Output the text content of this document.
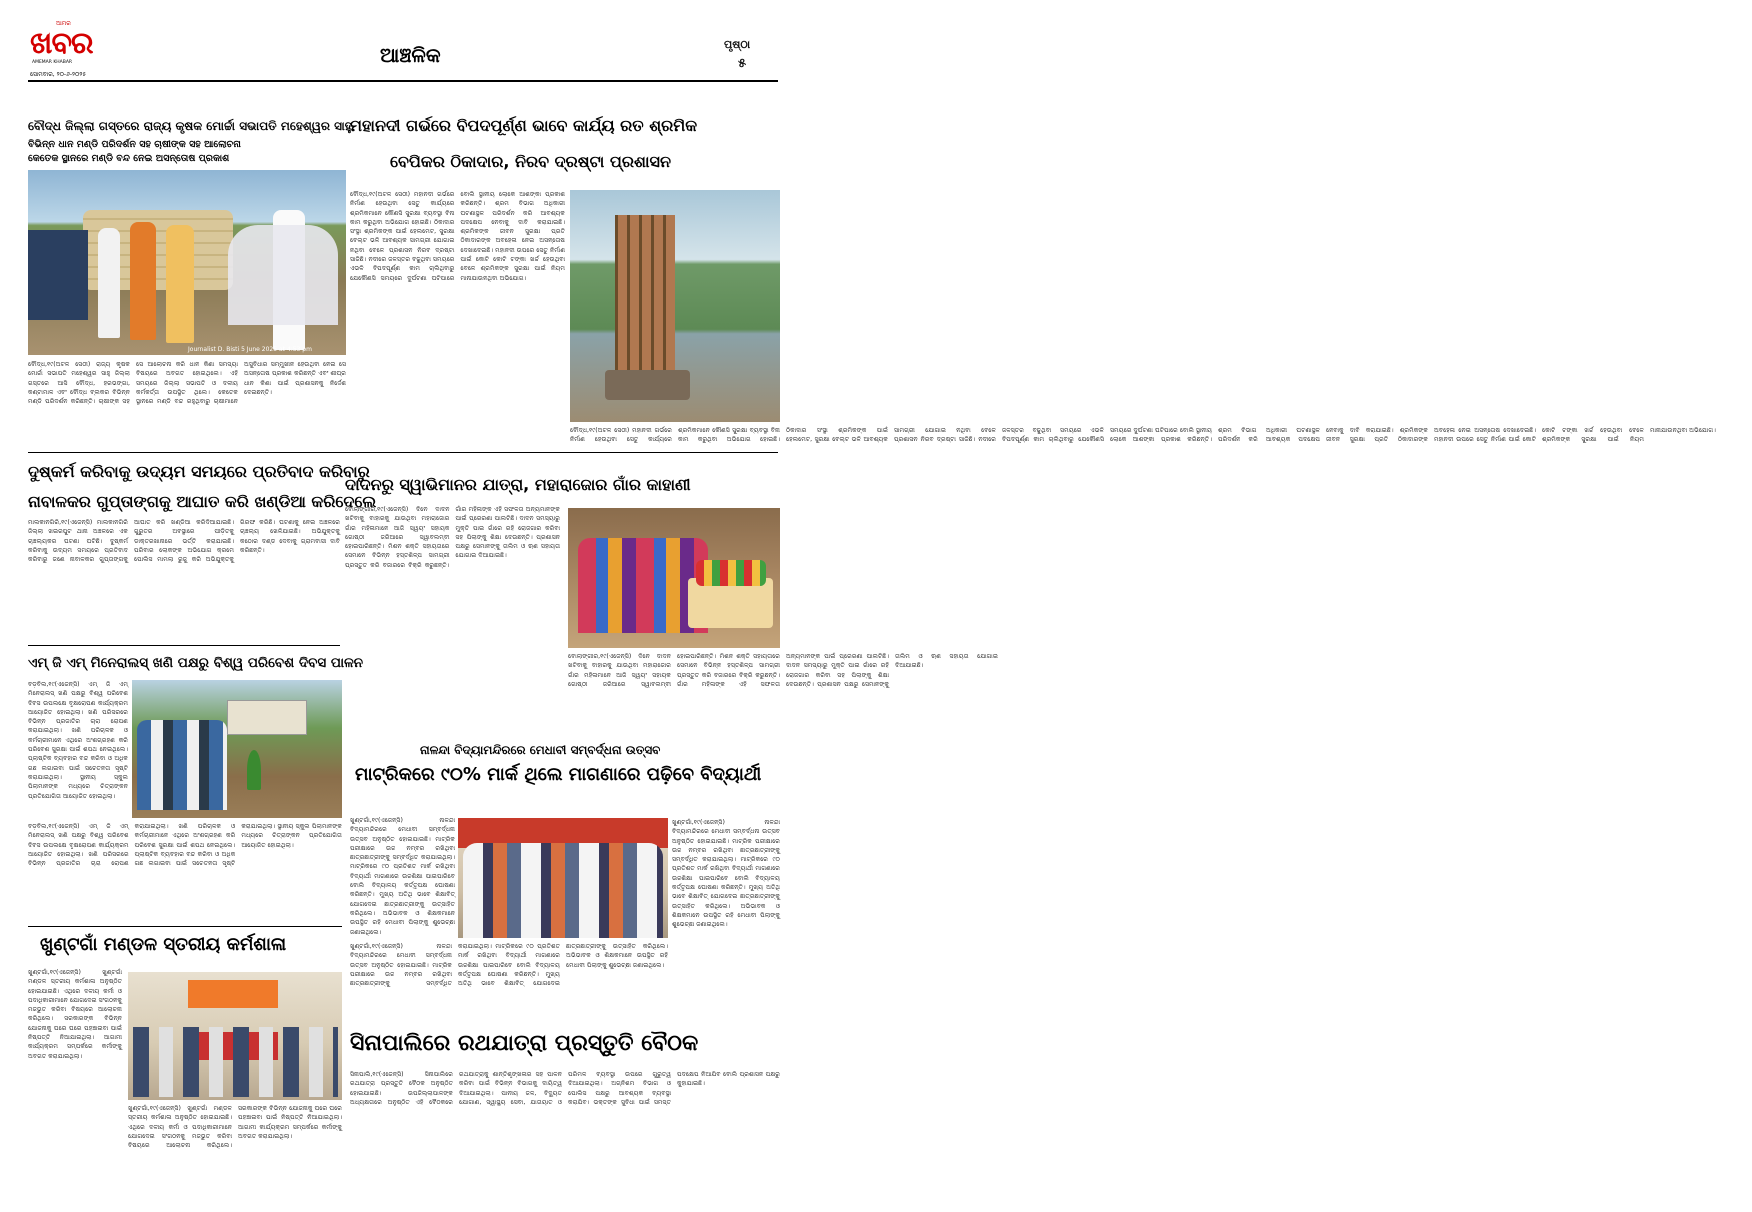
ଆମର
ଖବର
AMEMAR KHABAR
ସୋମବାର, ୨୦-୬-୨୦୨୫
ଆଞ୍ଚଳିକ	ପୃଷ୍ଠା
୫
ବୌଦ୍ଧ ଜିଲ୍ଲା ଗସ୍ତରେ ରାଜ୍ୟ କୃଷକ ମୋର୍ଚ୍ଚା ସଭାପତି ମହେଶ୍ୱର ସାହୁ
ବିଭିନ୍ନ ଧାନ ମଣ୍ଡି ପରିଦର୍ଶନ ସହ ଚାଷୀଙ୍କ ସହ ଆଲୋଚନା
କେତେକ ସ୍ଥାନରେ ମଣ୍ଡି ବନ୍ଦ ନେଇ ଅସନ୍ତୋଷ ପ୍ରକାଶ
Journalist D. Bisti 5 June 2025 at 4:53 pm
ବୌଦ୍ଧ,୧୯(ଅଟଳ ସେଠୀ) ରାଜ୍ୟ କୃଷକ ମୋର୍ଚ୍ଚା ସଭାପତି ମହେଶ୍ୱର ସାହୁ ଜିଲ୍ଲା ଗସ୍ତରେ ଆସି ବୌଦ୍ଧ, ହରଭଙ୍ଗା, କଣ୍ଟାମାଳ ଏବଂ ବୌଦ୍ଧ ବ୍ଲକର ବିଭିନ୍ନ ମଣ୍ଡି ପରିଦର୍ଶନ କରିଛନ୍ତି। ଚାଷୀଙ୍କ ସହ ସେ ଆଲୋଚନା କରି ଧାନ କିଣା ସମସ୍ୟା ବିଷୟରେ ଅବଗତ ହୋଇଥିଲେ। ଏହି ସମୟରେ ଜିଲ୍ଲା ସଭାପତି ଓ ଦଳୀୟ କର୍ମକର୍ତ୍ତା ଉପସ୍ଥିତ ଥିଲେ। କେତେକ ସ୍ଥାନରେ ମଣ୍ଡି ବନ୍ଦ ରହୁଥିବାରୁ ଚାଷୀମାନେ ଅସୁବିଧାର ସମ୍ମୁଖୀନ ହେଉଥିବା ନେଇ ସେ ଅସନ୍ତୋଷ ପ୍ରକାଶ କରିଛନ୍ତି ଏବଂ ଶୀଘ୍ର ଧାନ କିଣା ପାଇଁ ପ୍ରଶାସନକୁ ନିର୍ଦ୍ଦେଶ ଦେଇଛନ୍ତି।
ମହାନଦୀ ଗର୍ଭରେ ବିପଦପୂର୍ଣ୍ଣ ଭାବେ କାର୍ଯ୍ୟ ରତ ଶ୍ରମିକ
ବେପିକର ଠିକାଦାର, ନିରବ ଦ୍ରଷ୍ଟା ପ୍ରଶାସନ
ବୌଦ୍ଧ,୧୯(ଅଟଳ ସେଠୀ) ମହାନଦୀ ଗର୍ଭରେ ନିର୍ମାଣ ହେଉଥିବା ସେତୁ କାର୍ଯ୍ୟରେ ଶ୍ରମିକମାନେ କୌଣସି ସୁରକ୍ଷା ବ୍ୟବସ୍ଥା ବିନା କାମ କରୁଥିବା ଅଭିଯୋଗ ହୋଇଛି। ଠିକାଦାର ସଂସ୍ଥା ଶ୍ରମିକଙ୍କ ପାଇଁ ହେଲମେଟ, ସୁରକ୍ଷା ବେଲ୍ଟ ଭଳି ଆବଶ୍ୟକ ସାମଗ୍ରୀ ଯୋଗାଇ ନଥିବା ବେଳେ ପ୍ରଶାସନ ନିରବ ଦ୍ରଷ୍ଟା ସାଜିଛି। ନଦୀରେ ଜଳସ୍ତର ବଢୁଥିବା ସମୟରେ ଏଭଳି ବିପଦପୂର୍ଣ୍ଣ କାମ ଚାଲିଥିବାରୁ ଯେକୌଣସି ସମୟରେ ଦୁର୍ଘଟଣା ଘଟିପାରେ ବୋଲି ସ୍ଥାନୀୟ ଲୋକେ ଆଶଙ୍କା ପ୍ରକାଶ କରିଛନ୍ତି। ଶ୍ରମ ବିଭାଗ ଅଧିକାରୀ ଘଟଣାସ୍ଥଳ ପରିଦର୍ଶନ କରି ଆବଶ୍ୟକ ପଦକ୍ଷେପ ନେବାକୁ ଦାବି କରାଯାଇଛି। ଶ୍ରମିକଙ୍କ ଜୀବନ ସୁରକ୍ଷା ପ୍ରତି ଠିକାଦାରଙ୍କ ଅବହେଳା ନେଇ ଅସନ୍ତୋଷ ଦେଖାଦେଇଛି। ମହାନଦୀ ଉପରେ ସେତୁ ନିର୍ମାଣ ପାଇଁ କୋଟି କୋଟି ଟଙ୍କା ଖର୍ଚ୍ଚ ହେଉଥିବା ବେଳେ ଶ୍ରମିକଙ୍କ ସୁରକ୍ଷା ପାଇଁ ନିୟମ ମାନାଯାଉନଥିବା ଅଭିଯୋଗ।
ବୌଦ୍ଧ,୧୯(ଅଟଳ ସେଠୀ) ମହାନଦୀ ଗର୍ଭରେ ନିର୍ମାଣ ହେଉଥିବା ସେତୁ କାର୍ଯ୍ୟରେ ଶ୍ରମିକମାନେ କୌଣସି ସୁରକ୍ଷା ବ୍ୟବସ୍ଥା ବିନା କାମ କରୁଥିବା ଅଭିଯୋଗ ହୋଇଛି। ଠିକାଦାର ସଂସ୍ଥା ଶ୍ରମିକଙ୍କ ପାଇଁ ହେଲମେଟ, ସୁରକ୍ଷା ବେଲ୍ଟ ଭଳି ଆବଶ୍ୟକ ସାମଗ୍ରୀ ଯୋଗାଇ ନଥିବା ବେଳେ ପ୍ରଶାସନ ନିରବ ଦ୍ରଷ୍ଟା ସାଜିଛି। ନଦୀରେ ଜଳସ୍ତର ବଢୁଥିବା ସମୟରେ ଏଭଳି ବିପଦପୂର୍ଣ୍ଣ କାମ ଚାଲିଥିବାରୁ ଯେକୌଣସି ସମୟରେ ଦୁର୍ଘଟଣା ଘଟିପାରେ ବୋଲି ସ୍ଥାନୀୟ ଲୋକେ ଆଶଙ୍କା ପ୍ରକାଶ କରିଛନ୍ତି। ଶ୍ରମ ବିଭାଗ ଅଧିକାରୀ ଘଟଣାସ୍ଥଳ ପରିଦର୍ଶନ କରି ଆବଶ୍ୟକ ପଦକ୍ଷେପ ନେବାକୁ ଦାବି କରାଯାଇଛି। ଶ୍ରମିକଙ୍କ ଜୀବନ ସୁରକ୍ଷା ପ୍ରତି ଠିକାଦାରଙ୍କ ଅବହେଳା ନେଇ ଅସନ୍ତୋଷ ଦେଖାଦେଇଛି। ମହାନଦୀ ଉପରେ ସେତୁ ନିର୍ମାଣ ପାଇଁ କୋଟି କୋଟି ଟଙ୍କା ଖର୍ଚ୍ଚ ହେଉଥିବା ବେଳେ ଶ୍ରମିକଙ୍କ ସୁରକ୍ଷା ପାଇଁ ନିୟମ ମାନାଯାଉନଥିବା ଅଭିଯୋଗ।
ଦୁଷ୍କର୍ମ କରିବାକୁ ଉଦ୍ୟମ ସମୟରେ ପ୍ରତିବାଦ କରିବାରୁ
ନାବାଳକର ଗୁପ୍ତାଙ୍ଗକୁ ଆଘାତ କରି ଖଣ୍ଡିଆ କରିଦେଲେ
ମାଲକାନଗିରି,୧୯(ଏଜେନ୍ସି) ମାଲକାନଗିରି ଜିଲ୍ଲା ଖଇରପୁଟ ଥାନା ଅଞ୍ଚଳରେ ଏକ ଚାଞ୍ଚଲ୍ୟକର ଘଟଣା ଘଟିଛି। ଦୁଷ୍କର୍ମ କରିବାକୁ ଉଦ୍ୟମ ସମୟରେ ପ୍ରତିବାଦ କରିବାରୁ ଜଣେ ନାବାଳକର ଗୁପ୍ତାଙ୍ଗକୁ ଆଘାତ କରି ଖଣ୍ଡିଆ କରିଦିଆଯାଇଛି। ଗୁରୁତର ଅବସ୍ଥାରେ ପୀଡ଼ିତକୁ ଡାକ୍ତରଖାନାରେ ଭର୍ତ୍ତି କରାଯାଇଛି। ପରିବାର ଲୋକଙ୍କ ଅଭିଯୋଗ କ୍ରମେ ପୋଲିସ ମାମଲା ରୁଜୁ କରି ଅଭିଯୁକ୍ତକୁ ଗିରଫ କରିଛି। ଘଟଣାକୁ ନେଇ ଅଞ୍ଚଳରେ ଚାଞ୍ଚଲ୍ୟ ଖେଳିଯାଇଛି। ଅଭିଯୁକ୍ତକୁ କଠୋର ଦଣ୍ଡ ଦେବାକୁ ଗ୍ରାମବାସୀ ଦାବି କରିଛନ୍ତି।
ଦାଦନରୁ ସ୍ୱାଭିମାନର ଯାତ୍ରା, ମହାରାଜୋର ଗାଁର କାହାଣୀ
ବୋଲାଙ୍ଗୀର,୧୯(ଏଜେନ୍ସି) ଦିନେ ଦାଦନ ଖଟିବାକୁ ବାହାରକୁ ଯାଉଥିବା ମହାରାଜୋର ଗାଁର ମହିଳାମାନେ ଆଜି ସ୍ୱୟଂ ସହାୟକ ଗୋଷ୍ଠୀ ଜରିଆରେ ସ୍ୱାବଲମ୍ବୀ ହୋଇପାରିଛନ୍ତି। ମିଶନ ଶକ୍ତି ସହାୟତାରେ ସେମାନେ ବିଭିନ୍ନ ହସ୍ତଶିଳ୍ପ ସାମଗ୍ରୀ ପ୍ରସ୍ତୁତ କରି ବଜାରରେ ବିକ୍ରି କରୁଛନ୍ତି। ଗାଁର ମହିଳାଙ୍କ ଏହି ସଫଳତା ଅନ୍ୟମାନଙ୍କ ପାଇଁ ପ୍ରେରଣା ପାଲଟିଛି। ଦାଦନ ସମସ୍ୟାରୁ ମୁକ୍ତି ପାଇ ଗାଁରେ ରହି ରୋଜଗାର କରିବା ସହ ପିଲାଙ୍କୁ ଶିକ୍ଷା ଦେଉଛନ୍ତି। ପ୍ରଶାସନ ପକ୍ଷରୁ ସେମାନଙ୍କୁ ତାଲିମ ଓ ଋଣ ସହାୟତା ଯୋଗାଇ ଦିଆଯାଇଛି।
ବୋଲାଙ୍ଗୀର,୧୯(ଏଜେନ୍ସି) ଦିନେ ଦାଦନ ଖଟିବାକୁ ବାହାରକୁ ଯାଉଥିବା ମହାରାଜୋର ଗାଁର ମହିଳାମାନେ ଆଜି ସ୍ୱୟଂ ସହାୟକ ଗୋଷ୍ଠୀ ଜରିଆରେ ସ୍ୱାବଲମ୍ବୀ ହୋଇପାରିଛନ୍ତି। ମିଶନ ଶକ୍ତି ସହାୟତାରେ ସେମାନେ ବିଭିନ୍ନ ହସ୍ତଶିଳ୍ପ ସାମଗ୍ରୀ ପ୍ରସ୍ତୁତ କରି ବଜାରରେ ବିକ୍ରି କରୁଛନ୍ତି। ଗାଁର ମହିଳାଙ୍କ ଏହି ସଫଳତା ଅନ୍ୟମାନଙ୍କ ପାଇଁ ପ୍ରେରଣା ପାଲଟିଛି। ଦାଦନ ସମସ୍ୟାରୁ ମୁକ୍ତି ପାଇ ଗାଁରେ ରହି ରୋଜଗାର କରିବା ସହ ପିଲାଙ୍କୁ ଶିକ୍ଷା ଦେଉଛନ୍ତି। ପ୍ରଶାସନ ପକ୍ଷରୁ ସେମାନଙ୍କୁ ତାଲିମ ଓ ଋଣ ସହାୟତା ଯୋଗାଇ ଦିଆଯାଇଛି।
ଏମ୍ ଜି ଏମ୍ ମିନେରାଲସ୍ ଖଣି ପକ୍ଷରୁ ବିଶ୍ୱ ପରିବେଶ ଦିବସ ପାଳନ
ବଡ଼ବିଲ,୧୯(ଏଜେନ୍ସି) ଏମ୍ ଜି ଏମ୍ ମିନେରାଲସ୍ ଖଣି ପକ୍ଷରୁ ବିଶ୍ୱ ପରିବେଶ ଦିବସ ଉପଲକ୍ଷେ ବୃକ୍ଷରୋପଣ କାର୍ଯ୍ୟକ୍ରମ ଆୟୋଜିତ ହୋଇଥିଲା। ଖଣି ପରିସରରେ ବିଭିନ୍ନ ପ୍ରଜାତିର ଚାରା ରୋପଣ କରାଯାଇଥିଲା। ଖଣି ପରିଚାଳକ ଓ କର୍ମଚାରୀମାନେ ଏଥିରେ ଅଂଶଗ୍ରହଣ କରି ପରିବେଶ ସୁରକ୍ଷା ପାଇଁ ଶପଥ ନେଇଥିଲେ। ପ୍ଲାଷ୍ଟିକ ବ୍ୟବହାର ବନ୍ଦ କରିବା ଓ ଅଧିକ ଗଛ ଲଗାଇବା ପାଇଁ ସଚେତନତା ସୃଷ୍ଟି କରାଯାଇଥିଲା। ସ୍ଥାନୀୟ ସ୍କୁଲ ପିଲାମାନଙ୍କ ମଧ୍ୟରେ ଚିତ୍ରାଙ୍କନ ପ୍ରତିଯୋଗିତା ଆୟୋଜିତ ହୋଇଥିଲା।
ବଡ଼ବିଲ,୧୯(ଏଜେନ୍ସି) ଏମ୍ ଜି ଏମ୍ ମିନେରାଲସ୍ ଖଣି ପକ୍ଷରୁ ବିଶ୍ୱ ପରିବେଶ ଦିବସ ଉପଲକ୍ଷେ ବୃକ୍ଷରୋପଣ କାର୍ଯ୍ୟକ୍ରମ ଆୟୋଜିତ ହୋଇଥିଲା। ଖଣି ପରିସରରେ ବିଭିନ୍ନ ପ୍ରଜାତିର ଚାରା ରୋପଣ କରାଯାଇଥିଲା। ଖଣି ପରିଚାଳକ ଓ କର୍ମଚାରୀମାନେ ଏଥିରେ ଅଂଶଗ୍ରହଣ କରି ପରିବେଶ ସୁରକ୍ଷା ପାଇଁ ଶପଥ ନେଇଥିଲେ। ପ୍ଲାଷ୍ଟିକ ବ୍ୟବହାର ବନ୍ଦ କରିବା ଓ ଅଧିକ ଗଛ ଲଗାଇବା ପାଇଁ ସଚେତନତା ସୃଷ୍ଟି କରାଯାଇଥିଲା। ସ୍ଥାନୀୟ ସ୍କୁଲ ପିଲାମାନଙ୍କ ମଧ୍ୟରେ ଚିତ୍ରାଙ୍କନ ପ୍ରତିଯୋଗିତା ଆୟୋଜିତ ହୋଇଥିଲା।
ନାଳନ୍ଦା ବିଦ୍ୟାମନ୍ଦିରରେ ମେଧାବୀ ସମ୍ବର୍ଦ୍ଧନା ଉତ୍ସବ
ମାଟ୍ରିକରେ ୯୦% ମାର୍କ ଥିଲେ ମାଗଣାରେ ପଢ଼ିବେ ବିଦ୍ୟାର୍ଥୀ
ଖୁଣ୍ଟଗାଁ,୧୯(ଏଜେନ୍ସି) ନାଳନ୍ଦା ବିଦ୍ୟାମନ୍ଦିରରେ ମେଧାବୀ ସମ୍ବର୍ଦ୍ଧନା ଉତ୍ସବ ଅନୁଷ୍ଠିତ ହୋଇଯାଇଛି। ମାଟ୍ରିକ ପରୀକ୍ଷାରେ ଉଚ୍ଚ ନମ୍ବର ରଖିଥିବା ଛାତ୍ରଛାତ୍ରୀଙ୍କୁ ସମ୍ବର୍ଦ୍ଧିତ କରାଯାଇଥିଲା। ମାଟ୍ରିକରେ ୯୦ ପ୍ରତିଶତ ମାର୍କ ରଖିଥିବା ବିଦ୍ୟାର୍ଥୀ ମାଗଣାରେ ଉଚ୍ଚଶିକ୍ଷା ପାଇପାରିବେ ବୋଲି ବିଦ୍ୟାଳୟ କର୍ତ୍ତୃପକ୍ଷ ଘୋଷଣା କରିଛନ୍ତି। ମୁଖ୍ୟ ଅତିଥି ଭାବେ ଶିକ୍ଷାବିତ୍ ଯୋଗଦେଇ ଛାତ୍ରଛାତ୍ରୀଙ୍କୁ ଉତ୍ସାହିତ କରିଥିଲେ। ଅଭିଭାବକ ଓ ଶିକ୍ଷକମାନେ ଉପସ୍ଥିତ ରହି ମେଧାବୀ ପିଲାଙ୍କୁ ଶୁଭେଚ୍ଛା ଜଣାଇଥିଲେ।
ଖୁଣ୍ଟଗାଁ,୧୯(ଏଜେନ୍ସି) ନାଳନ୍ଦା ବିଦ୍ୟାମନ୍ଦିରରେ ମେଧାବୀ ସମ୍ବର୍ଦ୍ଧନା ଉତ୍ସବ ଅନୁଷ୍ଠିତ ହୋଇଯାଇଛି। ମାଟ୍ରିକ ପରୀକ୍ଷାରେ ଉଚ୍ଚ ନମ୍ବର ରଖିଥିବା ଛାତ୍ରଛାତ୍ରୀଙ୍କୁ ସମ୍ବର୍ଦ୍ଧିତ କରାଯାଇଥିଲା। ମାଟ୍ରିକରେ ୯୦ ପ୍ରତିଶତ ମାର୍କ ରଖିଥିବା ବିଦ୍ୟାର୍ଥୀ ମାଗଣାରେ ଉଚ୍ଚଶିକ୍ଷା ପାଇପାରିବେ ବୋଲି ବିଦ୍ୟାଳୟ କର୍ତ୍ତୃପକ୍ଷ ଘୋଷଣା କରିଛନ୍ତି। ମୁଖ୍ୟ ଅତିଥି ଭାବେ ଶିକ୍ଷାବିତ୍ ଯୋଗଦେଇ ଛାତ୍ରଛାତ୍ରୀଙ୍କୁ ଉତ୍ସାହିତ କରିଥିଲେ। ଅଭିଭାବକ ଓ ଶିକ୍ଷକମାନେ ଉପସ୍ଥିତ ରହି ମେଧାବୀ ପିଲାଙ୍କୁ ଶୁଭେଚ୍ଛା ଜଣାଇଥିଲେ।
ଖୁଣ୍ଟଗାଁ,୧୯(ଏଜେନ୍ସି) ନାଳନ୍ଦା ବିଦ୍ୟାମନ୍ଦିରରେ ମେଧାବୀ ସମ୍ବର୍ଦ୍ଧନା ଉତ୍ସବ ଅନୁଷ୍ଠିତ ହୋଇଯାଇଛି। ମାଟ୍ରିକ ପରୀକ୍ଷାରେ ଉଚ୍ଚ ନମ୍ବର ରଖିଥିବା ଛାତ୍ରଛାତ୍ରୀଙ୍କୁ ସମ୍ବର୍ଦ୍ଧିତ କରାଯାଇଥିଲା। ମାଟ୍ରିକରେ ୯୦ ପ୍ରତିଶତ ମାର୍କ ରଖିଥିବା ବିଦ୍ୟାର୍ଥୀ ମାଗଣାରେ ଉଚ୍ଚଶିକ୍ଷା ପାଇପାରିବେ ବୋଲି ବିଦ୍ୟାଳୟ କର୍ତ୍ତୃପକ୍ଷ ଘୋଷଣା କରିଛନ୍ତି। ମୁଖ୍ୟ ଅତିଥି ଭାବେ ଶିକ୍ଷାବିତ୍ ଯୋଗଦେଇ ଛାତ୍ରଛାତ୍ରୀଙ୍କୁ ଉତ୍ସାହିତ କରିଥିଲେ। ଅଭିଭାବକ ଓ ଶିକ୍ଷକମାନେ ଉପସ୍ଥିତ ରହି ମେଧାବୀ ପିଲାଙ୍କୁ ଶୁଭେଚ୍ଛା ଜଣାଇଥିଲେ।
ଖୁଣ୍ଟଗାଁ ମଣ୍ଡଳ ସ୍ତରୀୟ କର୍ମଶାଳା
ଖୁଣ୍ଟଗାଁ,୧୯(ଏଜେନ୍ସି) ଖୁଣ୍ଟଗାଁ ମଣ୍ଡଳ ସ୍ତରୀୟ କର୍ମଶାଳା ଅନୁଷ୍ଠିତ ହୋଇଯାଇଛି। ଏଥିରେ ଦଳୀୟ କର୍ମୀ ଓ ପଦାଧିକାରୀମାନେ ଯୋଗଦେଇ ସଂଗଠନକୁ ମଜଭୁତ କରିବା ବିଷୟରେ ଆଲୋଚନା କରିଥିଲେ। ସରକାରଙ୍କ ବିଭିନ୍ନ ଯୋଜନାକୁ ଘରେ ଘରେ ପହଞ୍ଚାଇବା ପାଇଁ ନିଷ୍ପତ୍ତି ନିଆଯାଇଥିଲା। ଆଗାମୀ କାର୍ଯ୍ୟକ୍ରମ ସମ୍ପର୍କରେ କର୍ମୀଙ୍କୁ ଅବଗତ କରାଯାଇଥିଲା।
ଖୁଣ୍ଟଗାଁ,୧୯(ଏଜେନ୍ସି) ଖୁଣ୍ଟଗାଁ ମଣ୍ଡଳ ସ୍ତରୀୟ କର୍ମଶାଳା ଅନୁଷ୍ଠିତ ହୋଇଯାଇଛି। ଏଥିରେ ଦଳୀୟ କର୍ମୀ ଓ ପଦାଧିକାରୀମାନେ ଯୋଗଦେଇ ସଂଗଠନକୁ ମଜଭୁତ କରିବା ବିଷୟରେ ଆଲୋଚନା କରିଥିଲେ। ସରକାରଙ୍କ ବିଭିନ୍ନ ଯୋଜନାକୁ ଘରେ ଘରେ ପହଞ୍ଚାଇବା ପାଇଁ ନିଷ୍ପତ୍ତି ନିଆଯାଇଥିଲା। ଆଗାମୀ କାର୍ଯ୍ୟକ୍ରମ ସମ୍ପର୍କରେ କର୍ମୀଙ୍କୁ ଅବଗତ କରାଯାଇଥିଲା।
ସିନାପାଲିରେ ରଥଯାତ୍ରା ପ୍ରସ୍ତୁତି ବୈଠକ
ସିନାପାଲି,୧୯(ଏଜେନ୍ସି) ସିନାପାଲିରେ ରଥଯାତ୍ରା ପ୍ରସ୍ତୁତି ବୈଠକ ଅନୁଷ୍ଠିତ ହୋଇଯାଇଛି। ଉପଜିଲ୍ଲାପାଳଙ୍କ ଅଧ୍ୟକ୍ଷତାରେ ଅନୁଷ୍ଠିତ ଏହି ବୈଠକରେ ରଥଯାତ୍ରାକୁ ଶାନ୍ତିଶୃଙ୍ଖଳାର ସହ ପାଳନ କରିବା ପାଇଁ ବିଭିନ୍ନ ବିଭାଗକୁ ଦାୟିତ୍ୱ ଦିଆଯାଇଥିଲା। ପାନୀୟ ଜଳ, ବିଦ୍ୟୁତ ଯୋଗାଣ, ସ୍ୱାସ୍ଥ୍ୟ ସେବା, ଯାତାୟାତ ଓ ପରିମଳ ବ୍ୟବସ୍ଥା ଉପରେ ଗୁରୁତ୍ୱ ଦିଆଯାଇଥିଲା। ଅଗ୍ନିଶମ ବିଭାଗ ଓ ପୋଲିସ ପକ୍ଷରୁ ଆବଶ୍ୟକ ବ୍ୟବସ୍ଥା କରାଯିବ। ଭକ୍ତଙ୍କ ସୁବିଧା ପାଇଁ ସମସ୍ତ ପଦକ୍ଷେପ ନିଆଯିବ ବୋଲି ପ୍ରଶାସନ ପକ୍ଷରୁ କୁହାଯାଇଛି।
